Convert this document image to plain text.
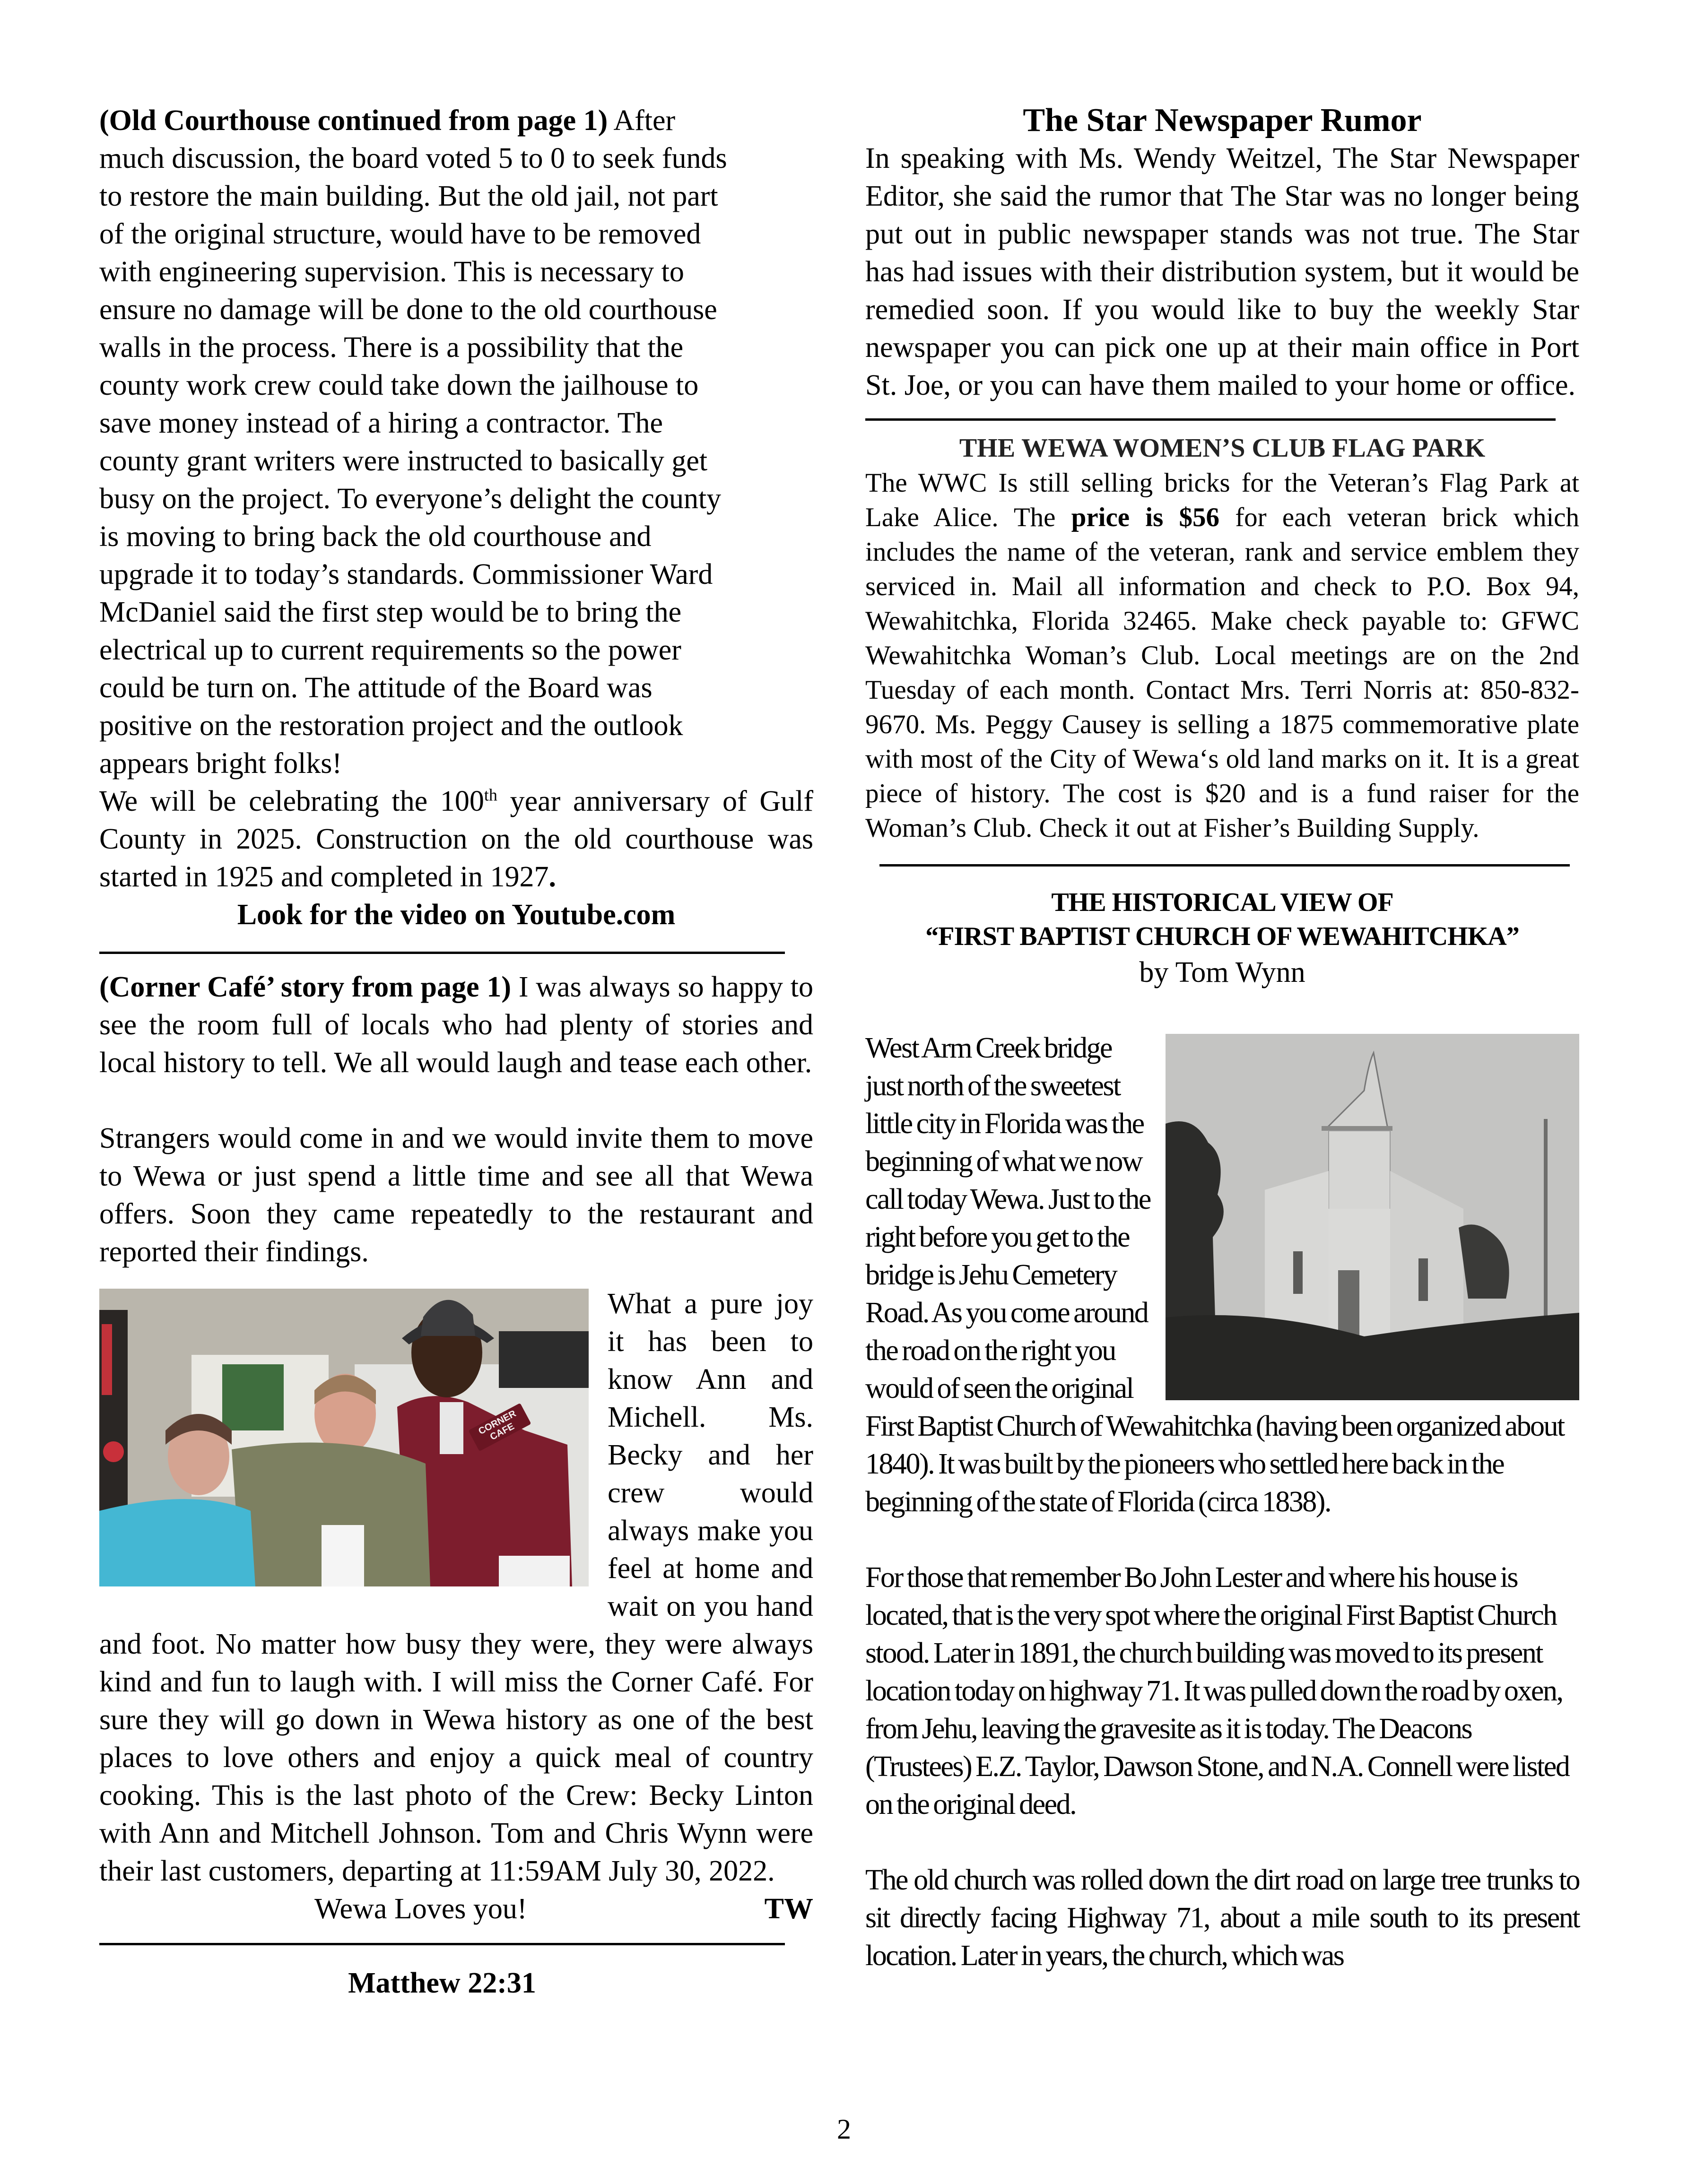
(Old Courthouse continued from page 1) After
much discussion, the board voted 5 to 0 to seek funds
to restore the main building. But the old jail, not part
of the original structure, would have to be removed
with engineering supervision. This is necessary to
ensure no damage will be done to the old courthouse
walls in the process. There is a possibility that the
county work crew could take down the jailhouse to
save money instead of a hiring a contractor. The
county grant writers were instructed to basically get
busy on the project. To everyone’s delight the county
is moving to bring back the old courthouse and
upgrade it to today’s standards. Commissioner Ward
McDaniel said the first step would be to bring the
electrical up to current requirements so the power
could be turn on. The attitude of the Board was
positive on the restoration project and the outlook
appears bright folks!

We will be celebrating the 100th year anniversary of Gulf County in 2025. Construction on the old courthouse was started in 1925 and completed in 1927.

Look for the video on Youtube.com

(Corner Café’ story from page 1) I was always so happy to see the room full of locals who had plenty of stories and local history to tell. We all would laugh and tease each other.

Strangers would come in and we would invite them to move to Wewa or just spend a little time and see all that Wewa offers. Soon they came repeatedly to the restaurant and reported their findings.

CORNER CAFE

What a pure joy it has been to know Ann and Michell. Ms. Becky and her crew would always make you feel at home and wait on you hand and foot. No matter how busy they were, they were always kind and fun to laugh with. I will miss the Corner Café. For sure they will go down in Wewa history as one of the best places to love others and enjoy a quick meal of country cooking. This is the last photo of the Crew: Becky Linton with Ann and Mitchell Johnson. Tom and Chris Wynn were their last customers, departing at 11:59AM July 30, 2022.

Wewa Loves you!	TW

Matthew 22:31

The Star Newspaper Rumor

In speaking with Ms. Wendy Weitzel, The Star Newspaper Editor, she said the rumor that The Star was no longer being put out in public newspaper stands was not true. The Star has had issues with their distribution system, but it would be remedied soon. If you would like to buy the weekly Star newspaper you can pick one up at their main office in Port St. Joe, or you can have them mailed to your home or office.

THE WEWA WOMEN’S CLUB FLAG PARK

The WWC Is still selling bricks for the Veteran’s Flag Park at Lake Alice. The price is $56 for each veteran brick which includes the name of the veteran, rank and service emblem they serviced in. Mail all information and check to P.O. Box 94, Wewahitchka, Florida 32465. Make check payable to: GFWC Wewahitchka Woman’s Club. Local meetings are on the 2nd Tuesday of each month. Contact Mrs. Terri Norris at: 850-832-9670. Ms. Peggy Causey is selling a 1875 commemorative plate with most of the City of Wewa‘s old land marks on it. It is a great piece of history. The cost is $20 and is a fund raiser for the Woman’s Club. Check it out at Fisher’s Building Supply.

THE HISTORICAL VIEW OF

“FIRST BAPTIST CHURCH OF WEWAHITCHKA”

by Tom Wynn

West Arm Creek bridge just north of the sweetest little city in Florida was the beginning of what we now call today Wewa. Just to the right before you get to the bridge is Jehu Cemetery Road. As you come around the road on the right you would of seen the original First Baptist Church of Wewahitchka (having been organized about 1840). It was built by the pioneers who settled here back in the beginning of the state of Florida (circa 1838).

For those that remember Bo John Lester and where his house is located, that is the very spot where the original First Baptist Church stood. Later in 1891, the church building was moved to its present location today on highway 71. It was pulled down the road by oxen, from Jehu, leaving the gravesite as it is today. The Deacons (Trustees) E.Z. Taylor, Dawson Stone, and N.A. Connell were listed on the original deed.

The old church was rolled down the dirt road on large tree trunks to sit directly facing Highway 71, about a mile south to its present location. Later in years, the church, which was

2
